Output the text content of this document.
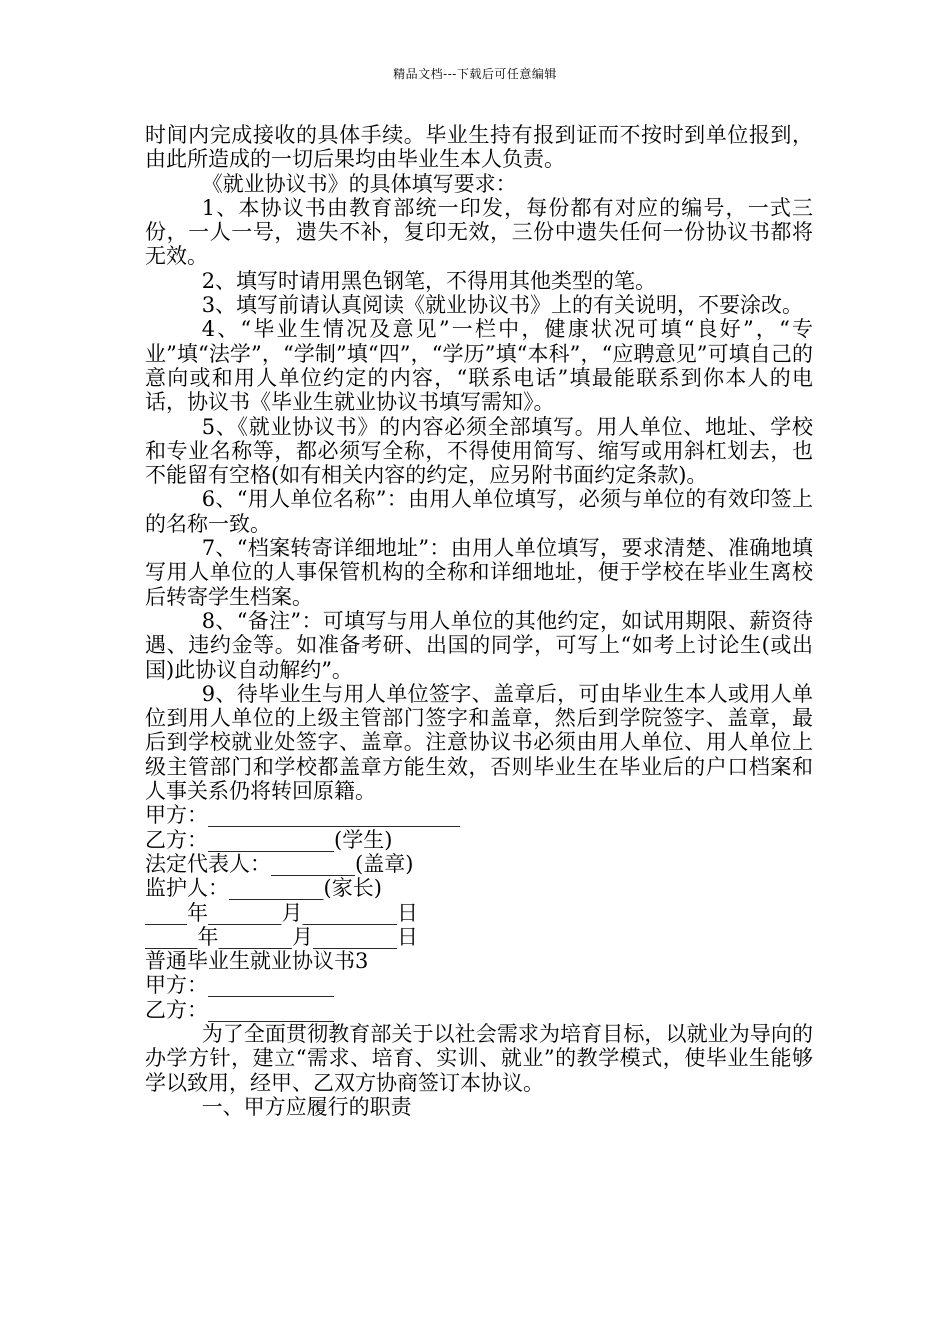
精品文档---下载后可任意编辑

时间内完成接收的具体手续。毕业生持有报到证而不按时到单位报到，由此所造成的一切后果均由毕业生本人负责。

《就业协议书》的具体填写要求：

1、本协议书由教育部统一印发，每份都有对应的编号，一式三份，一人一号，遗失不补，复印无效，三份中遗失任何一份协议书都将无效。

2、填写时请用黑色钢笔，不得用其他类型的笔。

3、填写前请认真阅读《就业协议书》上的有关说明，不要涂改。

4、“毕业生情况及意见”一栏中，健康状况可填“良好”，“专业”填“法学”，“学制”填“四”，“学历”填“本科”，“应聘意见”可填自己的意向或和用人单位约定的内容，“联系电话”填最能联系到你本人的电话，协议书《毕业生就业协议书填写需知》。

5、《就业协议书》的内容必须全部填写。用人单位、地址、学校和专业名称等，都必须写全称，不得使用简写、缩写或用斜杠划去，也不能留有空格(如有相关内容的约定，应另附书面约定条款)。

6、“用人单位名称”：由用人单位填写，必须与单位的有效印签上的名称一致。

7、“档案转寄详细地址”：由用人单位填写，要求清楚、准确地填写用人单位的人事保管机构的全称和详细地址，便于学校在毕业生离校后转寄学生档案。

8、“备注”：可填写与用人单位的其他约定，如试用期限、薪资待遇、违约金等。如准备考研、出国的同学，可写上“如考上讨论生(或出国)此协议自动解约”。

9、待毕业生与用人单位签字、盖章后，可由毕业生本人或用人单位到用人单位的上级主管部门签字和盖章，然后到学院签字、盖章，最后到学校就业处签字、盖章。注意协议书必须由用人单位、用人单位上级主管部门和学校都盖章方能生效，否则毕业生在毕业后的户口档案和人事关系仍将转回原籍。

甲方：________________________

乙方：____________(学生)

法定代表人：________(盖章)

监护人：_________(家长)

____年_______月_________日

_____年_______月________日

普通毕业生就业协议书3

甲方：____________

乙方：____________

为了全面贯彻教育部关于以社会需求为培育目标，以就业为导向的办学方针，建立“需求、培育、实训、就业”的教学模式，使毕业生能够学以致用，经甲、乙双方协商签订本协议。

一、甲方应履行的职责
